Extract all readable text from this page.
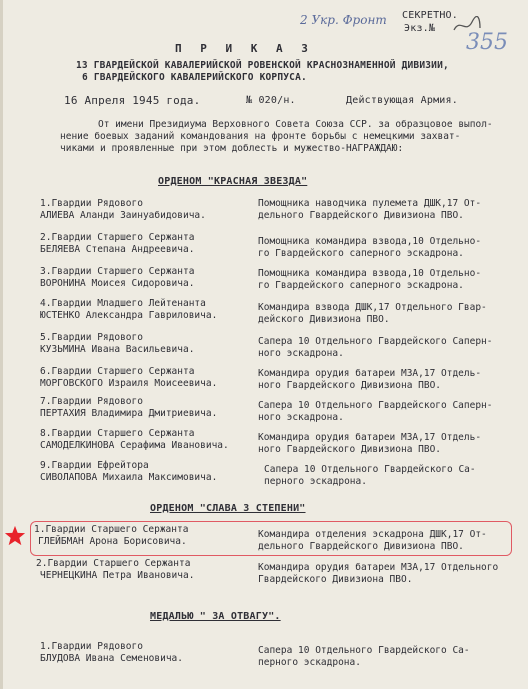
2 Укр. Фронт СЕКРЕТНО.
Экз.№
355
П Р И К А З
13 ГВАРДЕЙСКОЙ КАВАЛЕРИЙСКОЙ РОВЕНСКОЙ КРАСНОЗНАМЕННОЙ ДИВИЗИИ,
6 ГВАРДЕЙСКОГО КАВАЛЕРИЙСКОГО КОРПУСА.
16 Апреля 1945 года.	№ 020/н.	Действующая Армия.
От имени Президиума Верховного Совета Союза ССР. за образцовое выпол-
нение боевых заданий командования на фронте борьбы с немецкими захват-
чиками и проявленные при этом доблесть и мужество-НАГРАЖДАЮ:
ОРДЕНОМ "КРАСНАЯ ЗВЕЗДА"
1.Гвардии Рядового
АЛИЕВА Аланди Заинуабидовича.
Помощника наводчика пулемета ДШК,17 От-
дельного Гвардейского Дивизиона ПВО.
2.Гвардии Старшего Сержанта
БЕЛЯЕВА Степана Андреевича.
Помощника командира взвода,10 Отдельно-
го Гвардейского саперного эскадрона.
3.Гвардии Старшего Сержанта
ВОРОНИНА Моисея Сидоровича.
Помощника командира взвода,10 Отдельно-
го Гвардейского саперного эскадрона.
4.Гвардии Младшего Лейтенанта
ЮСТЕНКО Александра Гавриловича.
Командира взвода ДШК,17 Отдельного Гвар-
дейского Дивизиона ПВО.
5.Гвардии Рядового
КУЗЬМИНА Ивана Васильевича.
Сапера 10 Отдельного Гвардейского Саперн-
ного эскадрона.
6.Гвардии Старшего Сержанта
МОРГОВСКОГО Израиля Моисеевича.
Командира орудия батареи МЗА,17 Отдель-
ного Гвардейского Дивизиона ПВО.
7.Гвардии Рядового
ПЕРТАХИЯ Владимира Дмитриевича.
Сапера 10 Отдельного Гвардейского Саперн-
ного эскадрона.
8.Гвардии Старшего Сержанта
САМОДЕЛКИНОВА Серафима Ивановича.
Командира орудия батареи МЗА,17 Отдель-
ного Гвардейского Дивизиона ПВО.
9.Гвардии Ефрейтора
СИВОЛАПОВА Михаила Максимовича.
Сапера 10 Отдельного Гвардейского Са-
перного эскадрона.
ОРДЕНОМ "СЛАВА 3 СТЕПЕНИ"
1.Гвардии Старшего Сержанта
ГЛЕЙБМАН Арона Борисовича.
Командира отделения эскадрона ДШК,17 От-
дельного Гвардейского Дивизиона ПВО.
2.Гвардии Старшего Сержанта
ЧЕРНЕЦКИНА Петра Ивановича.
Командира орудия батареи МЗА,17 Отдельного
Гвардейского Дивизиона ПВО.
МЕДАЛЬЮ " ЗА ОТВАГУ".
1.Гвардии Рядового
БЛУДОВА Ивана Семеновича.
Сапера 10 Отдельного Гвардейского Са-
перного эскадрона.
